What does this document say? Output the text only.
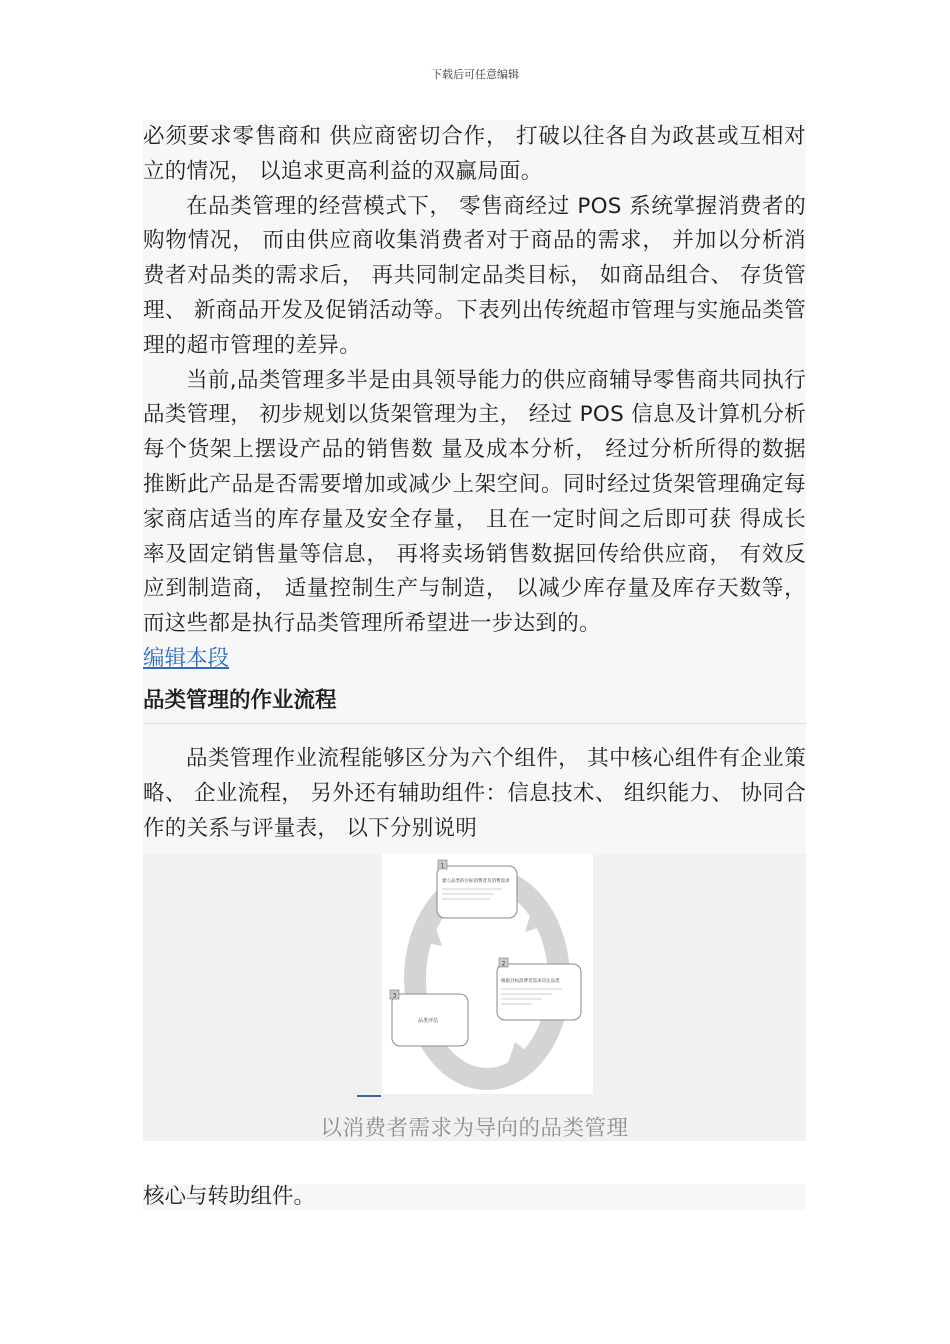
下载后可任意编辑

必须要求零售商和 供应商密切合作， 打破以往各自为政甚或互相对立的情况， 以追求更高利益的双赢局面。

在品类管理的经营模式下， 零售商经过 POS 系统掌握消费者的购物情况， 而由供应商收集消费者对于商品的需求， 并加以分析消费者对品类的需求后， 再共同制定品类目标， 如商品组合、 存货管理、 新商品开发及促销活动等。下表列出传统超市管理与实施品类管理的超市管理的差异。

当前,品类管理多半是由具领导能力的供应商辅导零售商共同执行品类管理， 初步规划以货架管理为主， 经过 POS 信息及计算机分析每个货架上摆设产品的销售数 量及成本分析， 经过分析所得的数据推断此产品是否需要增加或减少上架空间。同时经过货架管理确定每家商店适当的库存量及安全存量， 且在一定时间之后即可获 得成长率及固定销售量等信息， 再将卖场销售数据回传给供应商， 有效反应到制造商， 适量控制生产与制造， 以减少库存量及库存天数等， 而这些都是执行品类管理所希望进一步达到的。

编辑本段
品类管理的作业流程

品类管理作业流程能够区分为六个组件， 其中核心组件有企业策略、 企业流程， 另外还有辅助组件：信息技术、 组织能力、 协同合作的关系与评量表， 以下分别说明

1
建立品类的目标消费者及消费需求
2
根据目标消费者需求决定品类
3
品类评估
以消费者需求为导向的品类管理
核心与转助组件。
